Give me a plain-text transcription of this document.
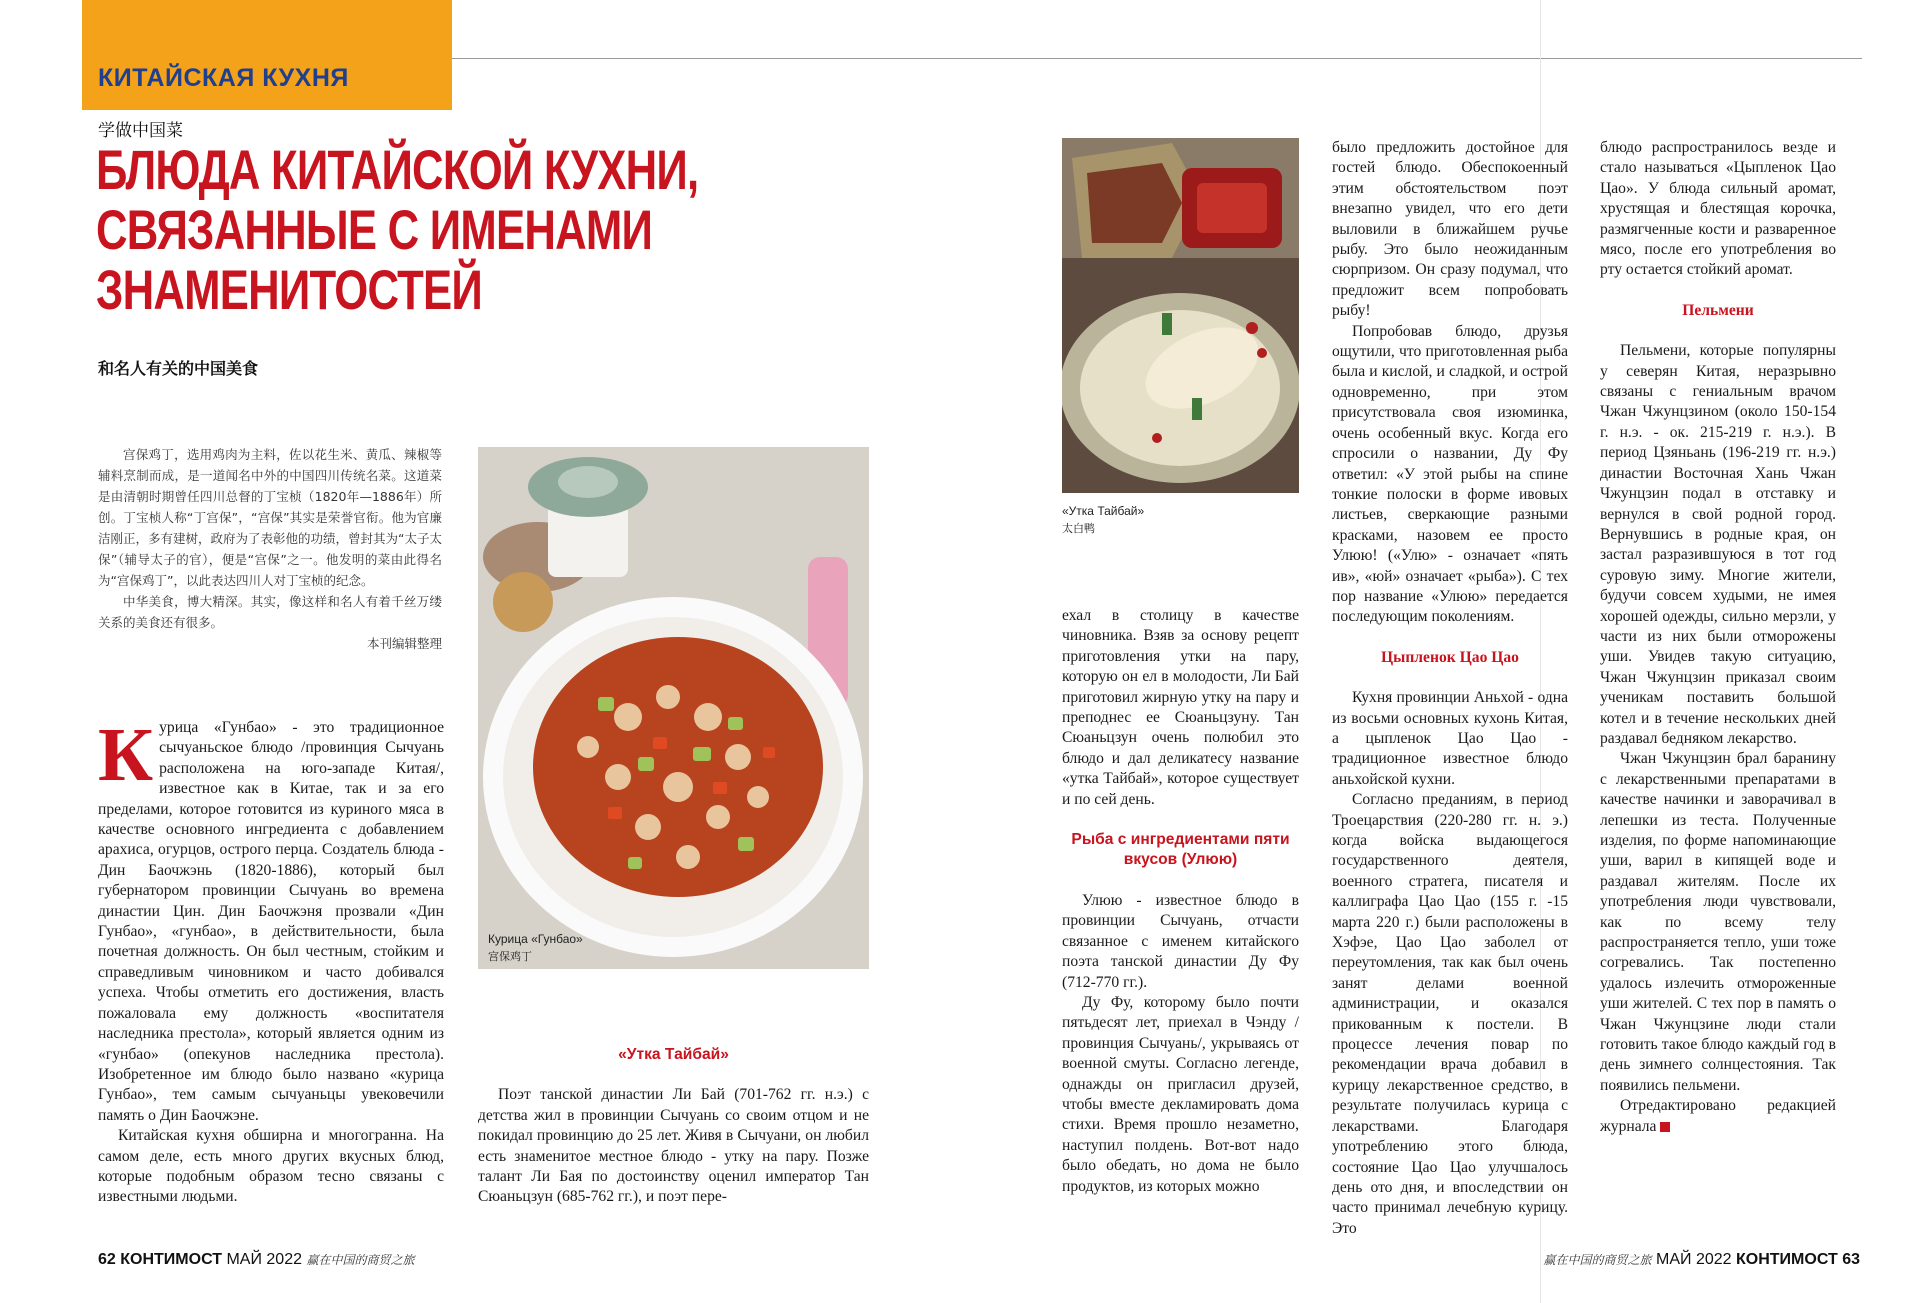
КИТАЙСКАЯ КУХНЯ
学做中国菜
БЛЮДА КИТАЙСКОЙ КУХНИ,
СВЯЗАННЫЕ С ИМЕНАМИ
ЗНАМЕНИТОСТЕЙ
和名人有关的中国美食

宫保鸡丁，选用鸡肉为主料，佐以花生米、黄瓜、辣椒等辅料烹制而成，是一道闻名中外的中国四川传统名菜。这道菜是由清朝时期曾任四川总督的丁宝桢（1820年—1886年）所创。丁宝桢人称“丁宫保”，“宫保”其实是荣誉官衔。他为官廉洁刚正，多有建树，政府为了表彰他的功绩，曾封其为“太子太保”（辅导太子的官），便是“宫保”之一。他发明的菜由此得名为“宫保鸡丁”，以此表达四川人对丁宝桢的纪念。

中华美食，博大精深。其实，像这样和名人有着千丝万缕关系的美食还有很多。

本刊编辑整理

Курица «Гунбао»
宫保鸡丁

Курица «Гунбао» - это традиционное сычуаньское блюдо /провинция Сычуань расположена на юго-западе Китая/, известное как в Китае, так и за его пределами, которое готовится из куриного мяса в качестве основного ингредиента с добавлением арахиса, огурцов, острого перца. Создатель блюда - Дин Баочжэнь (1820-1886), который был губернатором провинции Сычуань во времена династии Цин. Дин Баочжэня прозвали «Дин Гунбао», «гунбао», в действительности, была почетная должность. Он был честным, стойким и справедливым чиновником и часто добивался успеха. Чтобы отметить его достижения, власть пожаловала ему должность «воспитателя наследника престола», который является одним из «гунбао» (опекунов наследника престола). Изобретенное им блюдо было названо «курица Гунбао», тем самым сычуаньцы увековечили память о Дин Баочжэне.

Китайская кухня обширна и многогранна. На самом деле, есть много других вкусных блюд, которые подобным образом тесно связаны с известными людьми.

«Утка Тайбай»

Поэт танской династии Ли Бай (701-762 гг. н.э.) с детства жил в провинции Сычуань со своим отцом и не покидал провинцию до 25 лет. Живя в Сычуани, он любил есть знаменитое местное блюдо - утку на пару. Позже талант Ли Бая по достоинству оценил император Тан Сюаньцзун (685-762 гг.), и поэт пере-

62 КОНТИМОСТ МАЙ 2022 赢在中国的商贸之旅
«Утка Тайбай»
太白鸭

ехал в столицу в качестве чиновника. Взяв за основу рецепт приготовления утки на пару, которую он ел в молодости, Ли Бай приготовил жирную утку на пару и преподнес ее Сюаньцзуну. Тан Сюаньцзун очень полюбил это блюдо и дал деликатесу название «утка Тайбай», которое существует и по сей день.

Рыба с ингредиентами пяти вкусов (Улюю)

Улюю - известное блюдо в провинции Сычуань, отчасти связанное с именем китайского поэта танской династии Ду Фу (712-770 гг.).

Ду Фу, которому было почти пятьдесят лет, приехал в Чэнду /провинция Сычуань/, укрываясь от военной смуты. Согласно легенде, однажды он пригласил друзей, чтобы вместе декламировать дома стихи. Время прошло незаметно, наступил полдень. Вот-вот надо было обедать, но дома не было продуктов, из которых можно

было предложить достойное для гостей блюдо. Обеспокоенный этим обстоятельством поэт внезапно увидел, что его дети выловили в ближайшем ручье рыбу. Это было неожиданным сюрпризом. Он сразу подумал, что предложит всем попробовать рыбу!

Попробовав блюдо, друзья ощутили, что приготовленная рыба была и кислой, и сладкой, и острой одновременно, при этом присутствовала своя изюминка, очень особенный вкус. Когда его спросили о названии, Ду Фу ответил: «У этой рыбы на спине тонкие полоски в форме ивовых листьев, сверкающие разными красками, назовем ее просто Улюю! («Улю» - означает «пять ив», «юй» означает «рыба»). С тех пор название «Улюю» передается последующим поколениям.

Цыпленок Цао Цао

Кухня провинции Аньхой - одна из восьми основных кухонь Китая, а цыпленок Цао Цао - традиционное известное блюдо аньхойской кухни.

Согласно преданиям, в период Троецарствия (220-280 гг. н. э.) когда войска выдающегося государственного деятеля, военного стратега, писателя и каллиграфа Цао Цао (155 г. -15 марта 220 г.) были расположены в Хэфэе, Цао Цао заболел от переутомления, так как был очень занят делами военной администрации, и оказался прикованным к постели. В процессе лечения повар по рекомендации врача добавил в курицу лекарственное средство, в результате получилась курица с лекарствами. Благодаря употреблению этого блюда, состояние Цао Цао улучшалось день ото дня, и впоследствии он часто принимал лечебную курицу. Это

блюдо распространилось везде и стало называться «Цыпленок Цао Цао». У блюда сильный аромат, хрустящая и блестящая корочка, размягченные кости и разваренное мясо, после его употребления во рту остается стойкий аромат.

Пельмени

Пельмени, которые популярны у северян Китая, неразрывно связаны с гениальным врачом Чжан Чжунцзином (около 150-154 г. н.э. - ок. 215-219 г. н.э.). В период Цзяньань (196-219 гг. н.э.) династии Восточная Хань Чжан Чжунцзин подал в отставку и вернулся в свой родной город. Вернувшись в родные края, он застал разразившуюся в тот год суровую зиму. Многие жители, будучи совсем худыми, не имея хорошей одежды, сильно мерзли, у части из них были отморожены уши. Увидев такую ситуацию, Чжан Чжунцзин приказал своим ученикам поставить большой котел и в течение нескольких дней раздавал бедняком лекарство.

Чжан Чжунцзин брал баранину с лекарственными препаратами в качестве начинки и заворачивал в лепешки из теста. Полученные изделия, по форме напоминающие уши, варил в кипящей воде и раздавал жителям. После их употребления люди чувствовали, как по всему телу распространяется тепло, уши тоже согревались. Так постепенно удалось излечить отмороженные уши жителей. С тех пор в память о Чжан Чжунцзине люди стали готовить такое блюдо каждый год в день зимнего солнцестояния. Так появились пельмени.

Отредактировано редакцией журнала

赢在中国的商贸之旅 МАЙ 2022 КОНТИМОСТ 63
